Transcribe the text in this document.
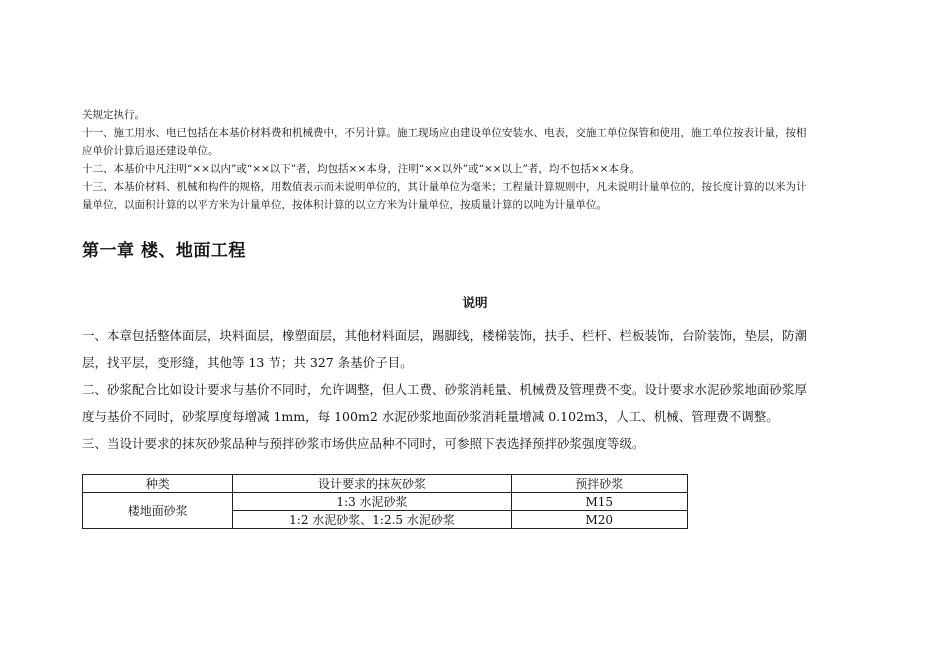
关规定执行。

十一、施工用水、电已包括在本基价材料费和机械费中，不另计算。施工现场应由建设单位安装水、电表，交施工单位保管和使用，施工单位按表计量，按相

应单价计算后退还建设单位。

十二、本基价中凡注明“××以内”或“××以下”者，均包括××本身，注明“××以外”或“××以上”者，均不包括××本身。

十三、本基价材料、机械和构件的规格，用数值表示而未说明单位的，其计量单位为毫米；工程量计算规则中，凡未说明计量单位的，按长度计算的以米为计

量单位，以面积计算的以平方米为计量单位，按体积计算的以立方米为计量单位，按质量计算的以吨为计量单位。

第一章 楼、地面工程
说明

一、本章包括整体面层，块料面层，橡塑面层，其他材料面层，踢脚线，楼梯装饰，扶手、栏杆、栏板装饰，台阶装饰，垫层，防潮

层，找平层，变形缝，其他等 13 节；共 327 条基价子目。

二、砂浆配合比如设计要求与基价不同时，允许调整，但人工费、砂浆消耗量、机械费及管理费不变。设计要求水泥砂浆地面砂浆厚

度与基价不同时，砂浆厚度每增减 1mm，每 100m2 水泥砂浆地面砂浆消耗量增减 0.102m3，人工、机械、管理费不调整。

三、当设计要求的抹灰砂浆品种与预拌砂浆市场供应品种不同时，可参照下表选择预拌砂浆强度等级。

种类	设计要求的抹灰砂浆	预拌砂浆
楼地面砂浆	1:3 水泥砂浆	M15
	1:2 水泥砂浆、1:2.5 水泥砂浆	M20
